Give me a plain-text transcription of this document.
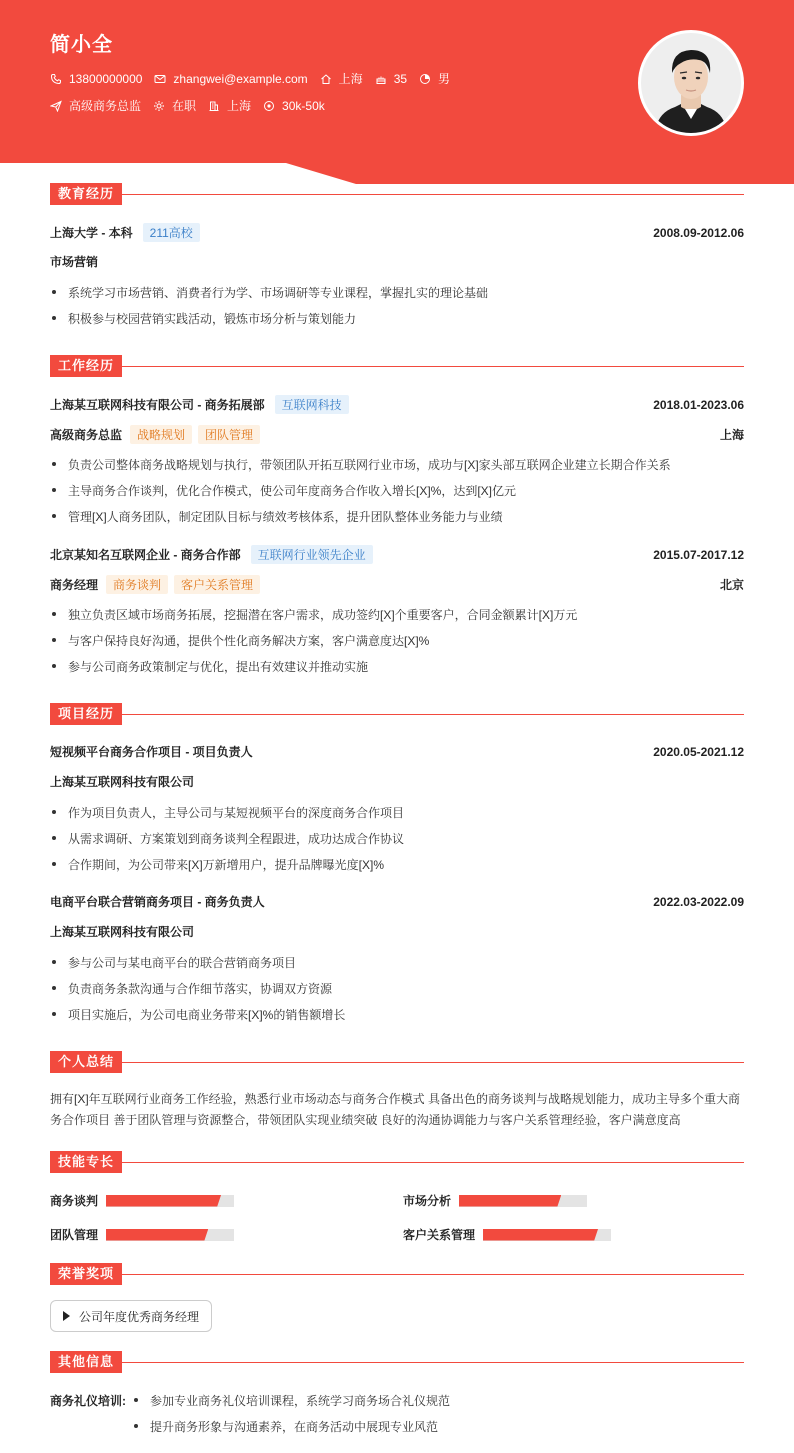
简小全
13800000000	zhangwei@example.com	上海	35	男
高级商务总监	在职	上海	30k-50k
教育经历
上海大学 - 本科	211高校	2008.09-2012.06
市场营销
系统学习市场营销、消费者行为学、市场调研等专业课程，掌握扎实的理论基础
积极参与校园营销实践活动，锻炼市场分析与策划能力
工作经历
上海某互联网科技有限公司 - 商务拓展部	互联网科技	2018.01-2023.06
高级商务总监	战略规划	团队管理	上海
负责公司整体商务战略规划与执行，带领团队开拓互联网行业市场，成功与[X]家头部互联网企业建立长期合作关系
主导商务合作谈判，优化合作模式，使公司年度商务合作收入增长[X]%，达到[X]亿元
管理[X]人商务团队，制定团队目标与绩效考核体系，提升团队整体业务能力与业绩
北京某知名互联网企业 - 商务合作部	互联网行业领先企业	2015.07-2017.12
商务经理	商务谈判	客户关系管理	北京
独立负责区域市场商务拓展，挖掘潜在客户需求，成功签约[X]个重要客户，合同金额累计[X]万元
与客户保持良好沟通，提供个性化商务解决方案，客户满意度达[X]%
参与公司商务政策制定与优化，提出有效建议并推动实施
项目经历
短视频平台商务合作项目 - 项目负责人	2020.05-2021.12
上海某互联网科技有限公司
作为项目负责人，主导公司与某短视频平台的深度商务合作项目
从需求调研、方案策划到商务谈判全程跟进，成功达成合作协议
合作期间，为公司带来[X]万新增用户，提升品牌曝光度[X]%
电商平台联合营销商务项目 - 商务负责人	2022.03-2022.09
上海某互联网科技有限公司
参与公司与某电商平台的联合营销商务项目
负责商务条款沟通与合作细节落实，协调双方资源
项目实施后，为公司电商业务带来[X]%的销售额增长
个人总结
拥有[X]年互联网行业商务工作经验，熟悉行业市场动态与商务合作模式 具备出色的商务谈判与战略规划能力，成功主导多个重大商务合作项目 善于团队管理与资源整合，带领团队实现业绩突破 良好的沟通协调能力与客户关系管理经验，客户满意度高
技能专长
商务谈判	市场分析
团队管理	客户关系管理
荣誉奖项
公司年度优秀商务经理
其他信息
商务礼仪培训:	参加专业商务礼仪培训课程，系统学习商务场合礼仪规范
提升商务形象与沟通素养，在商务活动中展现专业风范
